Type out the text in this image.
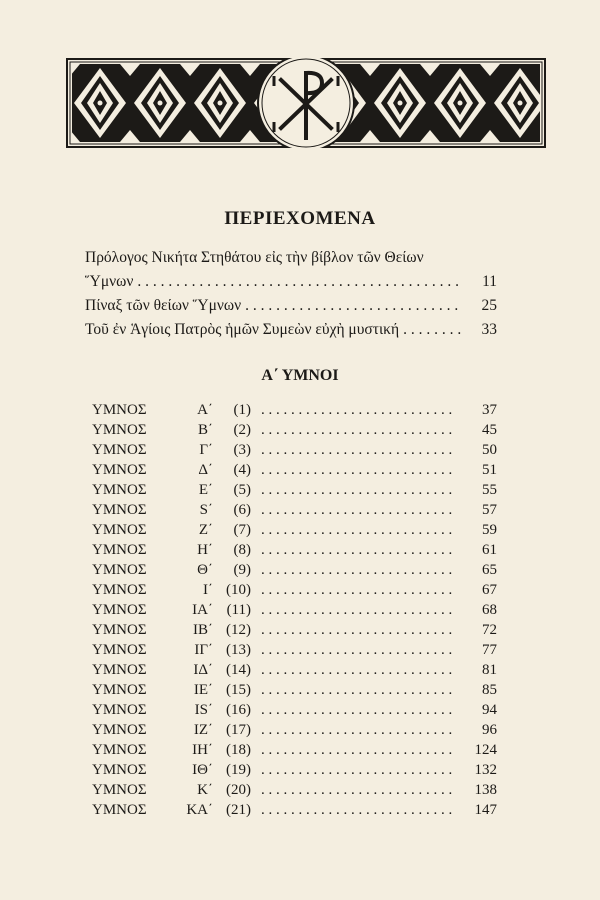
ΠΕΡΙΕΧΟΜΕΝΑ
Πρόλογος Νικήτα Στηθάτου εἰς τὴν βίβλον τῶν Θείων
Ὕμνων . . .	11
Πίναξ τῶν θείων Ὕμνων . . .	25
Τοῦ ἐν Ἁγίοις Πατρὸς ἡμῶν Συμεὼν εὐχὴ μυστική . . .	33
Α΄ ΥΜΝΟΙ
ΥΜΝΟΣ	Α΄	(1) . . .	37
ΥΜΝΟΣ	Β΄	(2) . . .	45
ΥΜΝΟΣ	Γ΄	(3) . . .	50
ΥΜΝΟΣ	Δ΄	(4) . . .	51
ΥΜΝΟΣ	Ε΄	(5) . . .	55
ΥΜΝΟΣ	S΄	(6) . . .	57
ΥΜΝΟΣ	Ζ΄	(7) . . .	59
ΥΜΝΟΣ	Η΄	(8) . . .	61
ΥΜΝΟΣ	Θ΄	(9) . . .	65
ΥΜΝΟΣ	Ι΄ (10) . . .	67
ΥΜΝΟΣ	ΙΑ΄ (11) . . .	68
ΥΜΝΟΣ	ΙΒ΄ (12) . . .	72
ΥΜΝΟΣ	ΙΓ΄ (13) . . .	77
ΥΜΝΟΣ	ΙΔ΄ (14) . . .	81
ΥΜΝΟΣ	ΙΕ΄ (15) . . .	85
ΥΜΝΟΣ	ΙS΄ (16) . . .	94
ΥΜΝΟΣ	ΙΖ΄ (17) . . .	96
ΥΜΝΟΣ	ΙΗ΄ (18) . . .	124
ΥΜΝΟΣ	ΙΘ΄ (19) . . .	132
ΥΜΝΟΣ	Κ΄ (20) . . .	138
ΥΜΝΟΣ	ΚΑ΄ (21) . . .	147
